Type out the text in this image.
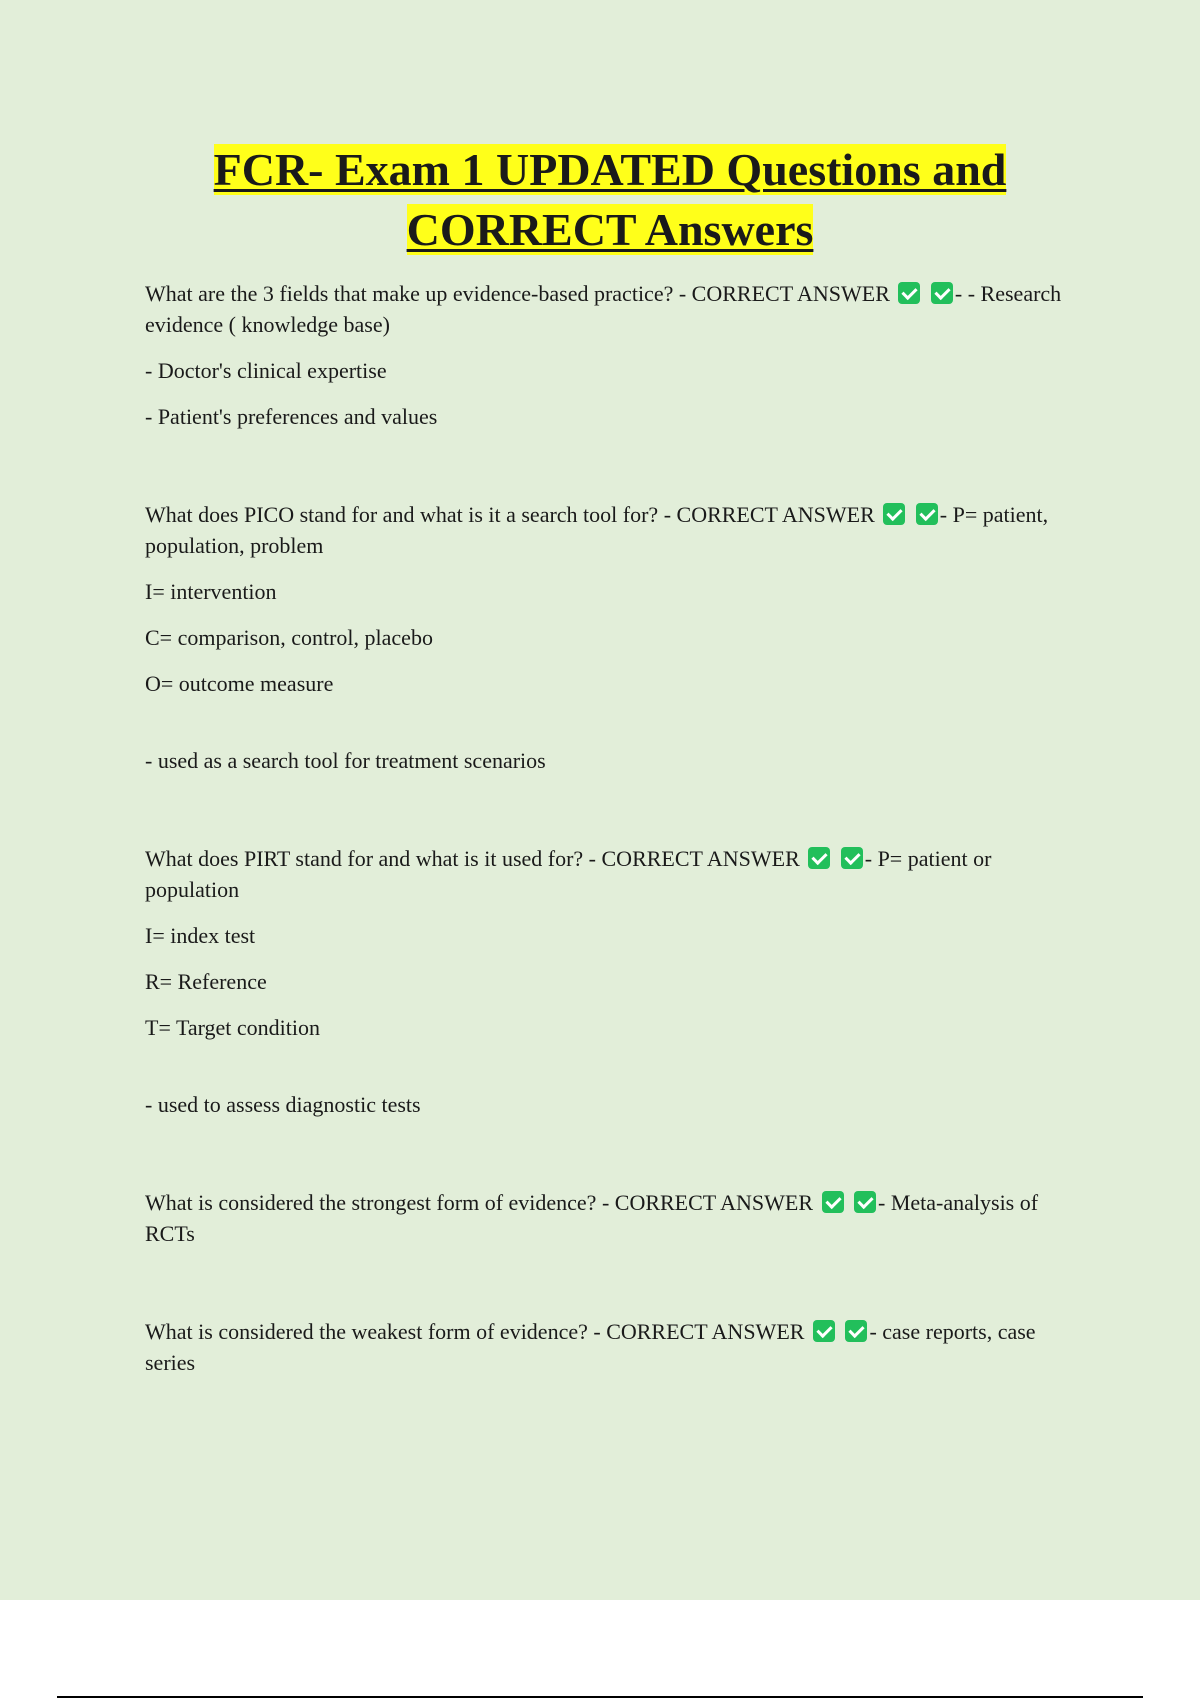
FCR- Exam 1 UPDATED Questions and
CORRECT Answers

What are the 3 fields that make up evidence-based practice? - CORRECT ANSWER	- - Research evidence ( knowledge base)

- Doctor's clinical expertise

- Patient's preferences and values

What does PICO stand for and what is it a search tool for? - CORRECT ANSWER	- P= patient, population, problem

I= intervention

C= comparison, control, placebo

O= outcome measure

- used as a search tool for treatment scenarios

What does PIRT stand for and what is it used for? - CORRECT ANSWER	- P= patient or population

I= index test

R= Reference

T= Target condition

- used to assess diagnostic tests

What is considered the strongest form of evidence? - CORRECT ANSWER	- Meta-analysis of RCTs

What is considered the weakest form of evidence? - CORRECT ANSWER	- case reports, case series
